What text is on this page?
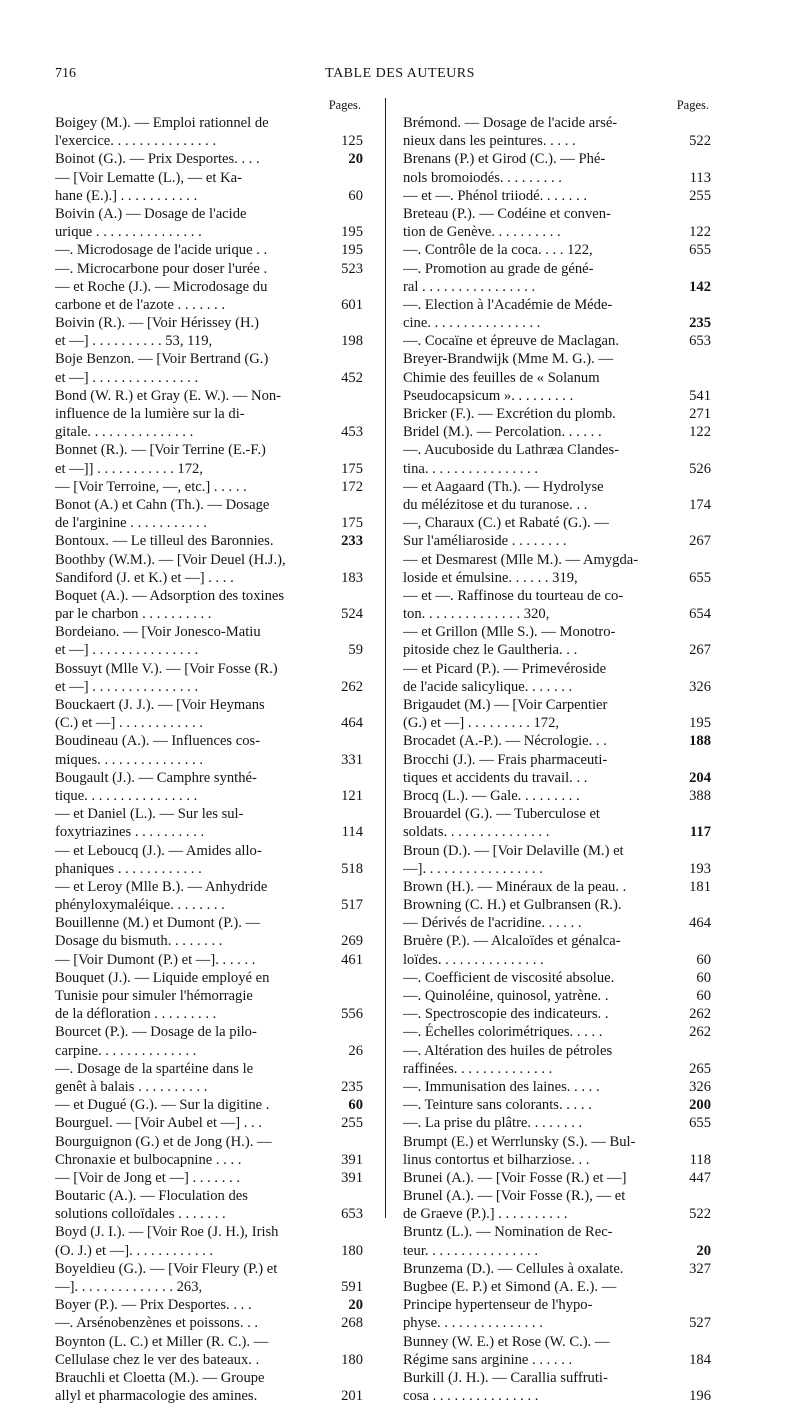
716	TABLE DES AUTEURS
Pages.
Boigey (M.). — Emploi rationnel de
l'exercice. . . . . . . . . . . . . . .	125
Boinot (G.). — Prix Desportes. . . .	20
— [Voir Lematte (L.), — et Ka-
hane (E.).] . . . . . . . . . . .	60
Boivin (A.) — Dosage de l'acide
urique . . . . . . . . . . . . . . .	195
—. Microdosage de l'acide urique . .	195
—. Microcarbone pour doser l'urée .	523
— et Roche (J.). — Microdosage du
carbone et de l'azote . . . . . . .	601
Boivin (R.). — [Voir Hérissey (H.)
et —] . . . . . . . . . . 53, 119,	198
Boje Benzon. — [Voir Bertrand (G.)
et —] . . . . . . . . . . . . . . .	452
Bond (W. R.) et Gray (E. W.). — Non-
influence de la lumière sur la di-
gitale. . . . . . . . . . . . . . .	453
Bonnet (R.). — [Voir Terrine (E.-F.)
et —]] . . . . . . . . . . . 172,	175
— [Voir Terroine, —, etc.] . . . . .	172
Bonot (A.) et Cahn (Th.). — Dosage
de l'arginine . . . . . . . . . . .	175
Bontoux. — Le tilleul des Baronnies.	233
Boothby (W.M.). — [Voir Deuel (H.J.),
Sandiford (J. et K.) et —] . . . .	183
Boquet (A.). — Adsorption des toxines
par le charbon . . . . . . . . . .	524
Bordeiano. — [Voir Jonesco-Matiu
et —] . . . . . . . . . . . . . . .	59
Bossuyt (Mlle V.). — [Voir Fosse (R.)
et —] . . . . . . . . . . . . . . .	262
Bouckaert (J. J.). — [Voir Heymans
(C.) et —] . . . . . . . . . . . .	464
Boudineau (A.). — Influences cos-
miques. . . . . . . . . . . . . . .	331
Bougault (J.). — Camphre synthé-
tique. . . . . . . . . . . . . . . .	121
— et Daniel (L.). — Sur les sul-
foxytriazines . . . . . . . . . .	114
— et Leboucq (J.). — Amides allo-
phaniques . . . . . . . . . . . .	518
— et Leroy (Mlle B.). — Anhydride
phényloxymaléique. . . . . . . .	517
Bouillenne (M.) et Dumont (P.). —
Dosage du bismuth. . . . . . . .	269
— [Voir Dumont (P.) et —]. . . . . .	461
Bouquet (J.). — Liquide employé en
Tunisie pour simuler l'hémorragie
de la défloration . . . . . . . . .	556
Bourcet (P.). — Dosage de la pilo-
carpine. . . . . . . . . . . . . .	26
—. Dosage de la spartéine dans le
genêt à balais . . . . . . . . . .	235
— et Dugué (G.). — Sur la digitine .	60
Bourguel. — [Voir Aubel et —] . . .	255
Bourguignon (G.) et de Jong (H.). —
Chronaxie et bulbocapnine . . . .	391
— [Voir de Jong et —] . . . . . . .	391
Boutaric (A.). — Floculation des
solutions colloïdales . . . . . . .	653
Boyd (J. I.). — [Voir Roe (J. H.), Irish
(O. J.) et —]. . . . . . . . . . . .	180
Boyeldieu (G.). — [Voir Fleury (P.) et
—]. . . . . . . . . . . . . . 263,	591
Boyer (P.). — Prix Desportes. . . .	20
—. Arsénobenzènes et poissons. . .	268
Boynton (L. C.) et Miller (R. C.). —
Cellulase chez le ver des bateaux. .	180
Brauchli et Cloetta (M.). — Groupe
allyl et pharmacologie des amines.	201
Pages.
Brémond. — Dosage de l'acide arsé-
nieux dans les peintures. . . . .	522
Brenans (P.) et Girod (C.). — Phé-
nols bromoiodés. . . . . . . . .	113
— et —. Phénol triiodé. . . . . . .	255
Breteau (P.). — Codéine et conven-
tion de Genève. . . . . . . . . .	122
—. Contrôle de la coca. . . . 122,	655
—. Promotion au grade de géné-
ral . . . . . . . . . . . . . . . .	142
—. Election à l'Académie de Méde-
cine. . . . . . . . . . . . . . . .	235
—. Cocaïne et épreuve de Maclagan.	653
Breyer-Brandwijk (Mme M. G.). —
Chimie des feuilles de « Solanum
Pseudocapsicum ». . . . . . . . .	541
Bricker (F.). — Excrétion du plomb.	271
Bridel (M.). — Percolation. . . . . .	122
—. Aucubosidе du Lathræa Clandes-
tina. . . . . . . . . . . . . . . .	526
— et Aagaard (Th.). — Hydrolyse
du mélézitose et du turanose. . .	174
—, Charaux (C.) et Rabaté (G.). —
Sur l'améliaroside . . . . . . . .	267
— et Desmarest (Mlle M.). — Amygda-
loside et émulsine. . . . . . 319,	655
— et —. Raffinose du tourteau de co-
ton. . . . . . . . . . . . . . 320,	654
— et Grillon (Mlle S.). — Monotro-
pitoside chez le Gaultheria. . .	267
— et Picard (P.). — Primevéroside
de l'acide salicylique. . . . . . .	326
Brigaudet (M.) — [Voir Carpentier
(G.) et —] . . . . . . . . . 172,	195
Brocadet (A.-P.). — Nécrologie. . .	188
Brocchi (J.). — Frais pharmaceuti-
tiques et accidents du travail. . .	204
Brocq (L.). — Gale. . . . . . . . .	388
Brouardel (G.). — Tuberculose et
soldats. . . . . . . . . . . . . . .	117
Broun (D.). — [Voir Delaville (M.) et
—]. . . . . . . . . . . . . . . . .	193
Brown (H.). — Minéraux de la peau. .	181
Browning (C. H.) et Gulbransen (R.).
— Dérivés de l'acridine. . . . . .	464
Bruère (P.). — Alcaloïdes et génalca-
loïdes. . . . . . . . . . . . . . .	60
—. Coefficient de viscosité absolue.	60
—. Quinoléine, quinosol, yatrène. .	60
—. Spectroscopie des indicateurs. .	262
—. Échelles colorimétriques. . . . .	262
—. Altération des huiles de pétroles
raffinées. . . . . . . . . . . . . .	265
—. Immunisation des laines. . . . .	326
—. Teinture sans colorants. . . . .	200
—. La prise du plâtre. . . . . . . .	655
Brumpt (E.) et Werrlunsky (S.). — Bul-
linus contortus et bilharziose. . .	118
Brunei (A.). — [Voir Fosse (R.) et —]	447
Brunel (A.). — [Voir Fosse (R.), — et
de Graeve (P.).] . . . . . . . . . .	522
Bruntz (L.). — Nomination de Rec-
teur. . . . . . . . . . . . . . . .	20
Brunzema (D.). — Cellules à oxalate.	327
Bugbee (E. P.) et Simond (A. E.). —
Principe hypertenseur de l'hypo-
physe. . . . . . . . . . . . . . .	527
Bunney (W. E.) et Rose (W. C.). —
Régime sans arginine . . . . . .	184
Burkill (J. H.). — Carallia suffruti-
cosa . . . . . . . . . . . . . . .	196
